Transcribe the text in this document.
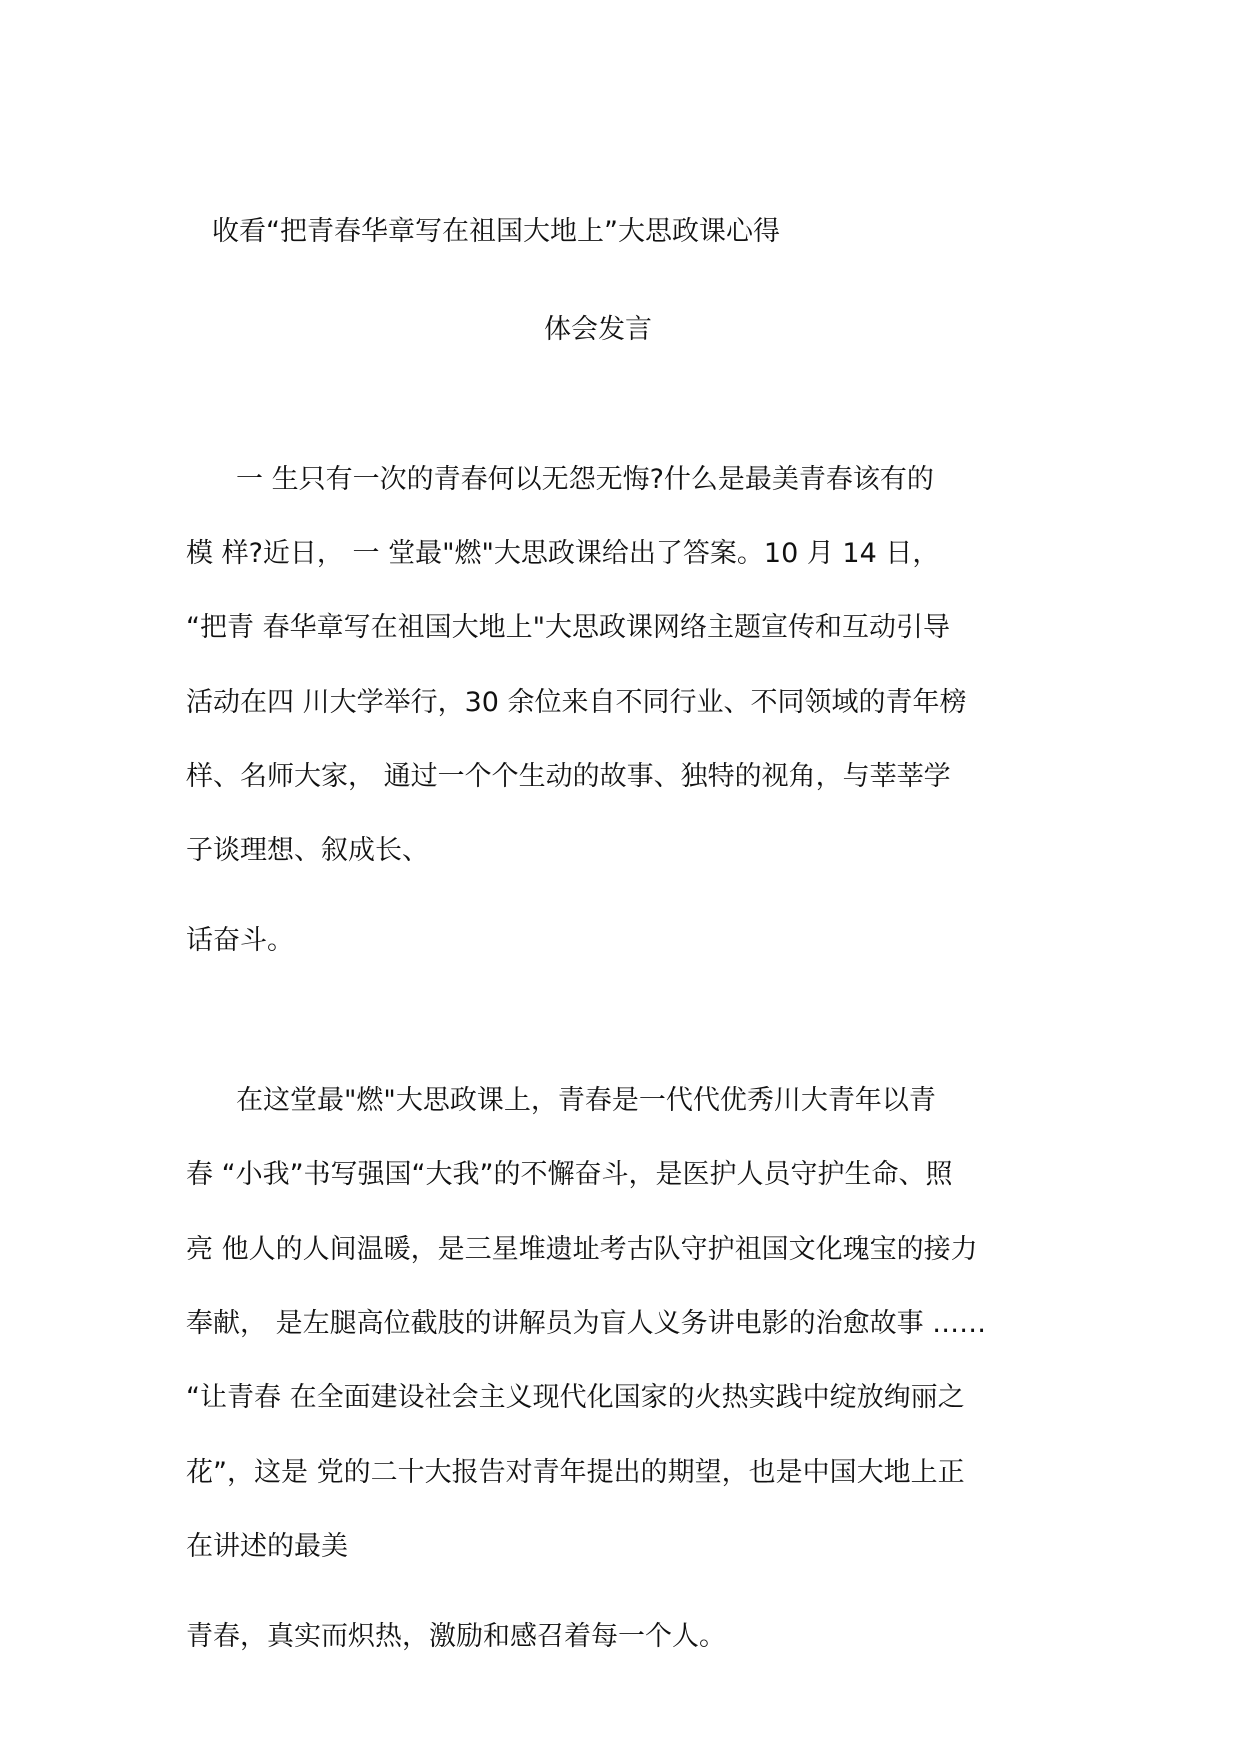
收看“把青春华章写在祖国大地上”大思政课心得
体会发言
一 生只有一次的青春何以无怨无悔?什么是最美青春该有的
模 样?近日， 一 堂最"燃"大思政课给出了答案。10 月 14 日，
“把青 春华章写在祖国大地上"大思政课网络主题宣传和互动引导
活动在四 川大学举行，30 余位来自不同行业、不同领域的青年榜
样、名师大家， 通过一个个生动的故事、独特的视角，与莘莘学
子谈理想、叙成长、
话奋斗。
在这堂最"燃"大思政课上，青春是一代代优秀川大青年以青
春 “小我”书写强国“大我”的不懈奋斗，是医护人员守护生命、照
亮 他人的人间温暖，是三星堆遗址考古队守护祖国文化瑰宝的接力
奉献， 是左腿高位截肢的讲解员为盲人义务讲电影的治愈故事 ……
“让青春 在全面建设社会主义现代化国家的火热实践中绽放绚丽之
花”，这是 党的二十大报告对青年提出的期望，也是中国大地上正
在讲述的最美
青春，真实而炽热，激励和感召着每一个人。
